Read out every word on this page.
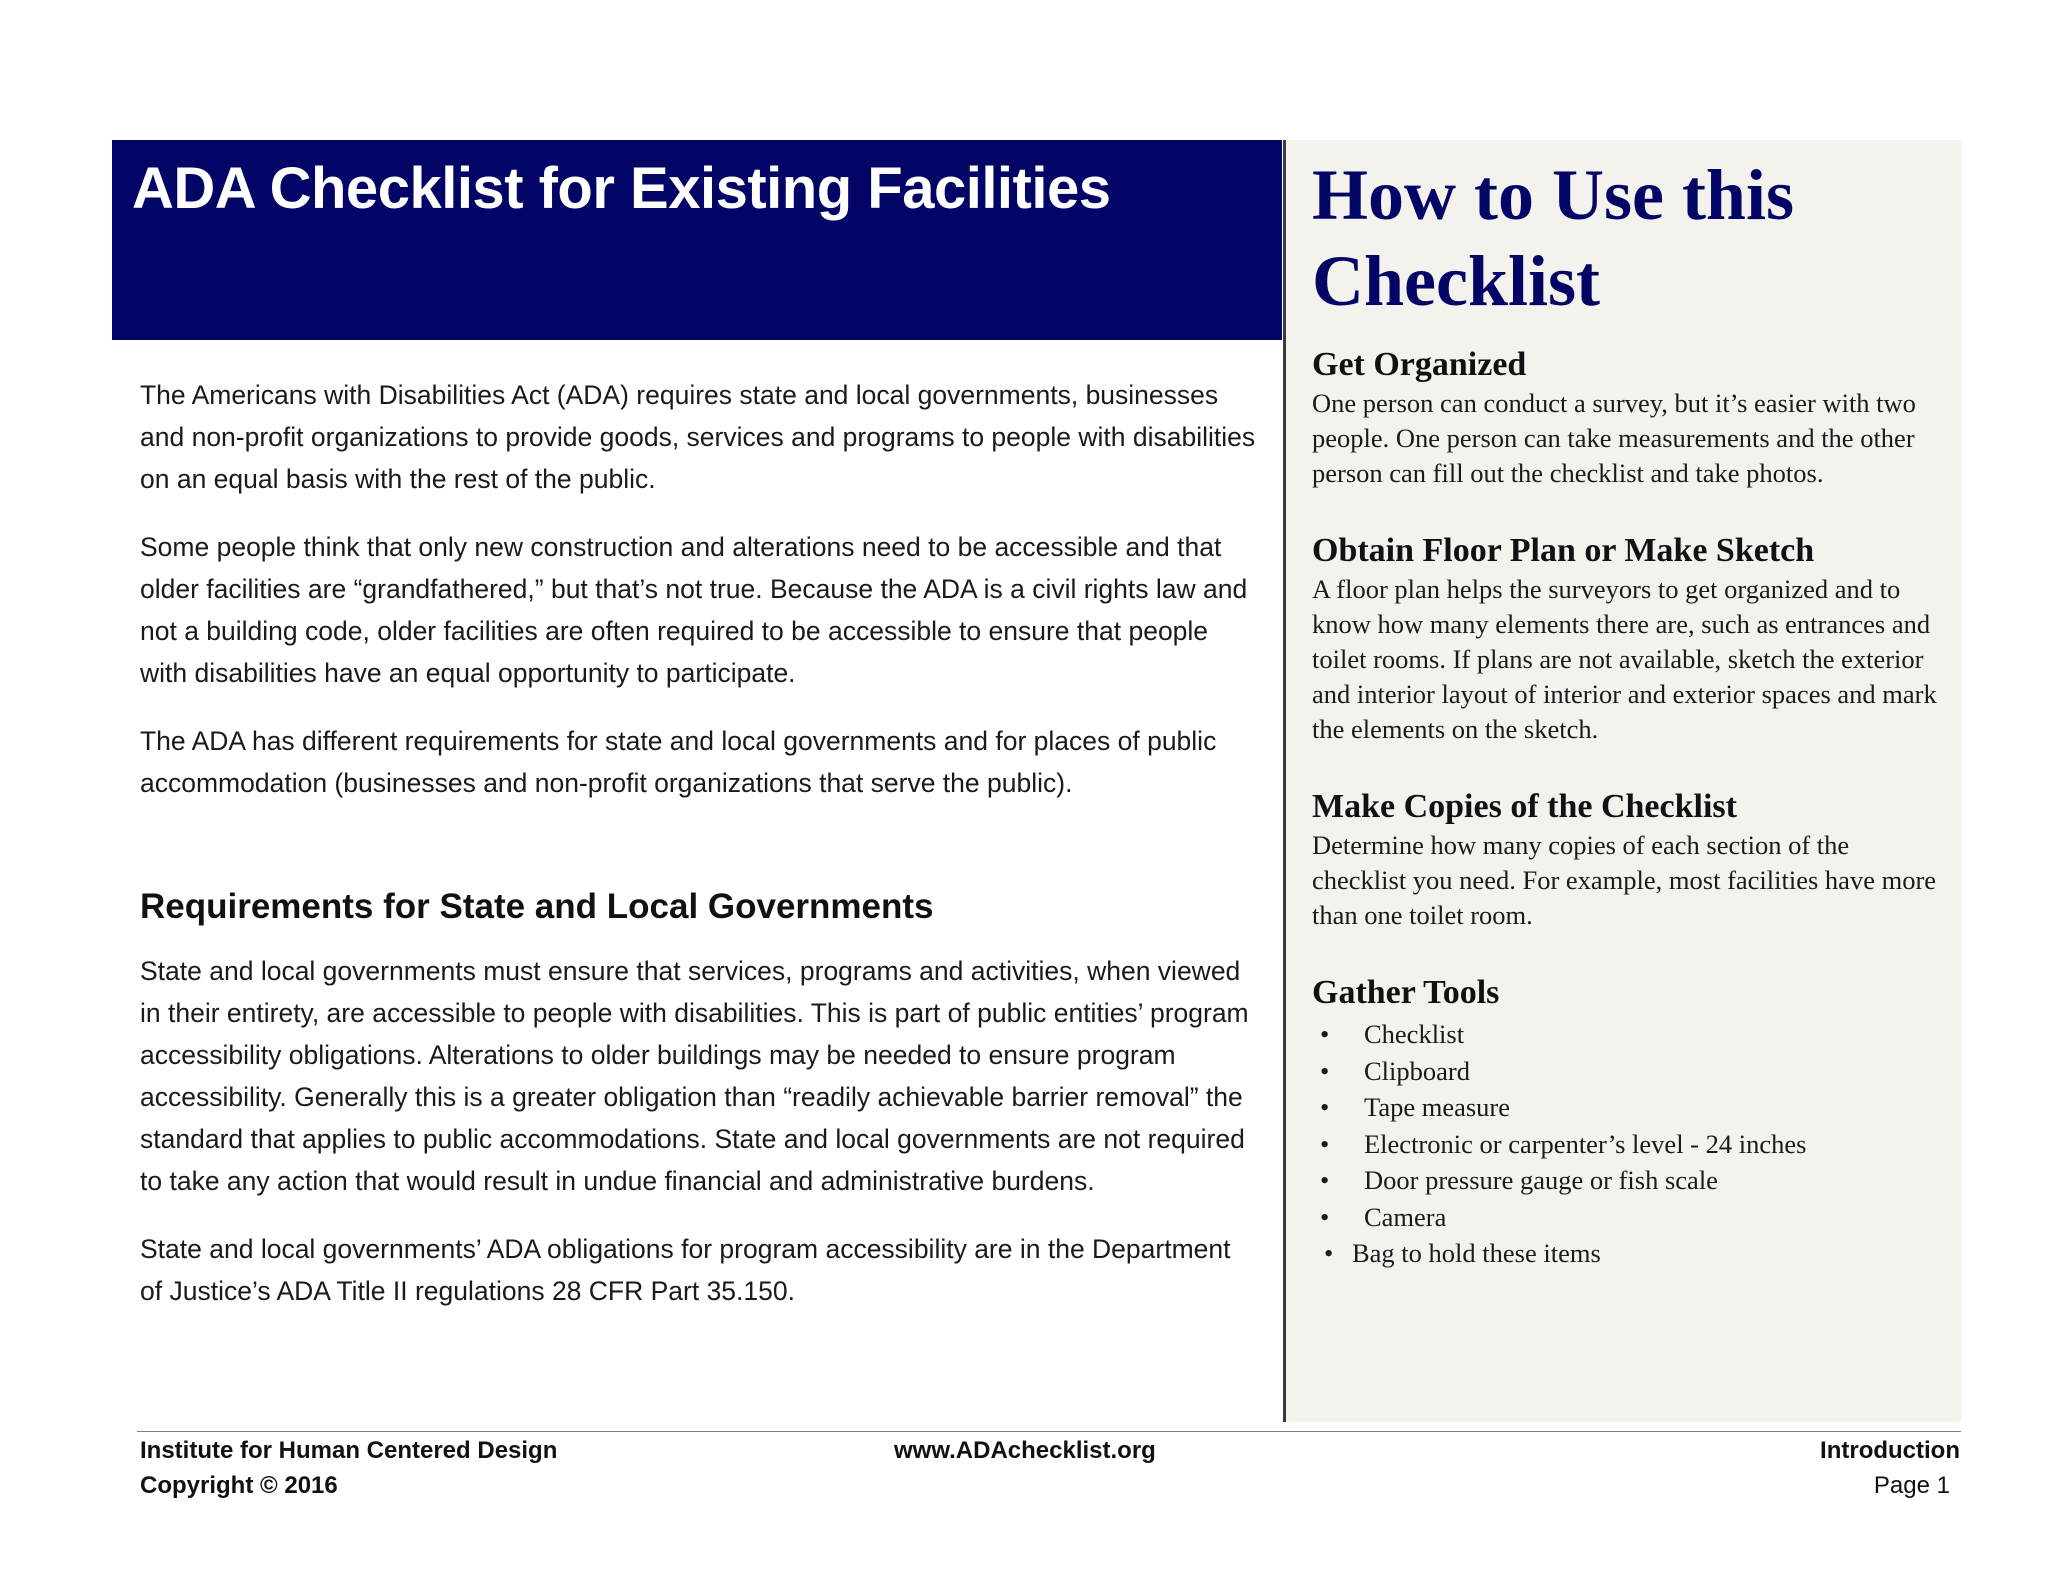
ADA Checklist for Existing Facilities

The Americans with Disabilities Act (ADA) requires state and local governments, businesses and non-profit organizations to provide goods, services and programs to people with disabilities on an equal basis with the rest of the public.

Some people think that only new construction and alterations need to be accessible and that older facilities are “grandfathered,” but that’s not true. Because the ADA is a civil rights law and not a building code, older facilities are often required to be accessible to ensure that people with disabilities have an equal opportunity to participate.

The ADA has different requirements for state and local governments and for places of public accommodation (businesses and non-profit organizations that serve the public).

Requirements for State and Local Governments

State and local governments must ensure that services, programs and activities, when viewed in their entirety, are accessible to people with disabilities. This is part of public entities’ program accessibility obligations. Alterations to older buildings may be needed to ensure program accessibility. Generally this is a greater obligation than “readily achievable barrier removal” the standard that applies to public accommodations. State and local governments are not required to take any action that would result in undue financial and administrative burdens.

State and local governments’ ADA obligations for program accessibility are in the Department of Justice’s ADA Title II regulations 28 CFR Part 35.150.

How to Use this Checklist
Get Organized

One person can conduct a survey, but it’s easier with two people. One person can take measurements and the other person can fill out the checklist and take photos.

Obtain Floor Plan or Make Sketch

A floor plan helps the surveyors to get organized and to know how many elements there are, such as entrances and toilet rooms. If plans are not available, sketch the exterior and interior layout of interior and exterior spaces and mark the elements on the sketch.

Make Copies of the Checklist

Determine how many copies of each section of the checklist you need. For example, most facilities have more than one toilet room.

Gather Tools
• Checklist
• Clipboard
• Tape measure
• Electronic or carpenter’s level - 24 inches
• Door pressure gauge or fish scale
• Camera
• Bag to hold these items
Institute for Human Centered Design
Copyright © 2016
www.ADAchecklist.org	Introduction
Page 1
